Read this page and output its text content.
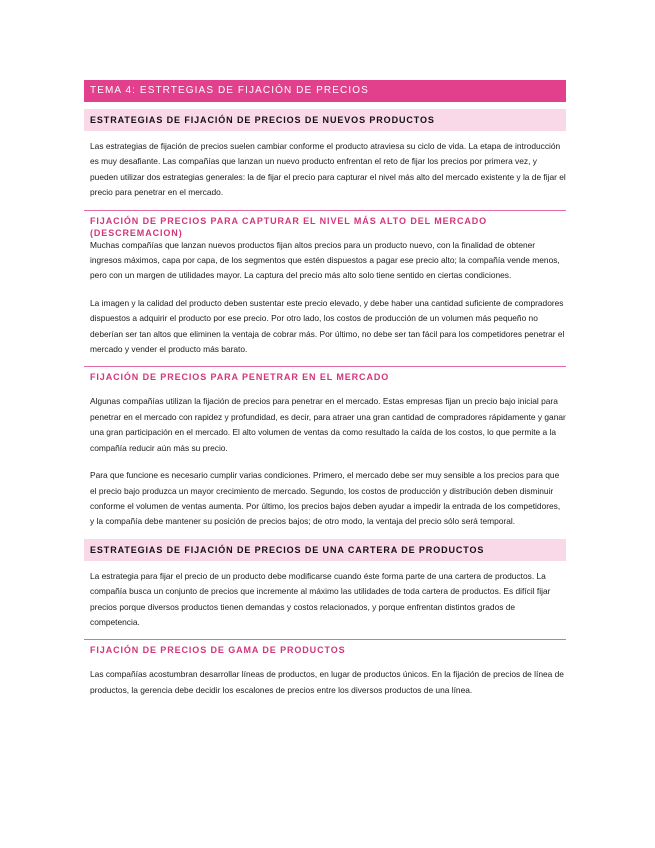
TEMA 4: ESTRTEGIAS DE FIJACIÓN DE PRECIOS
ESTRATEGIAS DE FIJACIÓN DE PRECIOS DE NUEVOS PRODUCTOS

Las estrategias de fijación de precios suelen cambiar conforme el producto atraviesa su ciclo de vida. La etapa de introducción es muy desafiante. Las compañías que lanzan un nuevo producto enfrentan el reto de fijar los precios por primera vez, y pueden utilizar dos estrategias generales: la de fijar el precio para capturar el nivel más alto del mercado existente y la de fijar el precio para penetrar en el mercado.

FIJACIÓN DE PRECIOS PARA CAPTURAR EL NIVEL MÁS ALTO DEL MERCADO (DESCREMACION)

Muchas compañías que lanzan nuevos productos fijan altos precios para un producto nuevo, con la finalidad de obtener ingresos máximos, capa por capa, de los segmentos que estén dispuestos a pagar ese precio alto; la compañía vende menos, pero con un margen de utilidades mayor. La captura del precio más alto solo tiene sentido en ciertas condiciones.

La imagen y la calidad del producto deben sustentar este precio elevado, y debe haber una cantidad suficiente de compradores dispuestos a adquirir el producto por ese precio. Por otro lado, los costos de producción de un volumen más pequeño no deberían ser tan altos que eliminen la ventaja de cobrar más. Por último, no debe ser tan fácil para los competidores penetrar el mercado y vender el producto más barato.

FIJACIÓN DE PRECIOS PARA PENETRAR EN EL MERCADO

Algunas compañías utilizan la fijación de precios para penetrar en el mercado. Estas empresas fijan un precio bajo inicial para penetrar en el mercado con rapidez y profundidad, es decir, para atraer una gran cantidad de compradores rápidamente y ganar una gran participación en el mercado. El alto volumen de ventas da como resultado la caída de los costos, lo que permite a la compañía reducir aún más su precio.

Para que funcione es necesario cumplir varias condiciones. Primero, el mercado debe ser muy sensible a los precios para que el precio bajo produzca un mayor crecimiento de mercado. Segundo, los costos de producción y distribución deben disminuir conforme el volumen de ventas aumenta. Por último, los precios bajos deben ayudar a impedir la entrada de los competidores, y la compañía debe mantener su posición de precios bajos; de otro modo, la ventaja del precio sólo será temporal.

ESTRATEGIAS DE FIJACIÓN DE PRECIOS DE UNA CARTERA DE PRODUCTOS

La estrategia para fijar el precio de un producto debe modificarse cuando éste forma parte de una cartera de productos. La compañía busca un conjunto de precios que incremente al máximo las utilidades de toda cartera de productos. Es difícil fijar precios porque diversos productos tienen demandas y costos relacionados, y porque enfrentan distintos grados de competencia.

FIJACIÓN DE PRECIOS DE GAMA DE PRODUCTOS

Las compañías acostumbran desarrollar líneas de productos, en lugar de productos únicos. En la fijación de precios de línea de productos, la gerencia debe decidir los escalones de precios entre los diversos productos de una línea.
